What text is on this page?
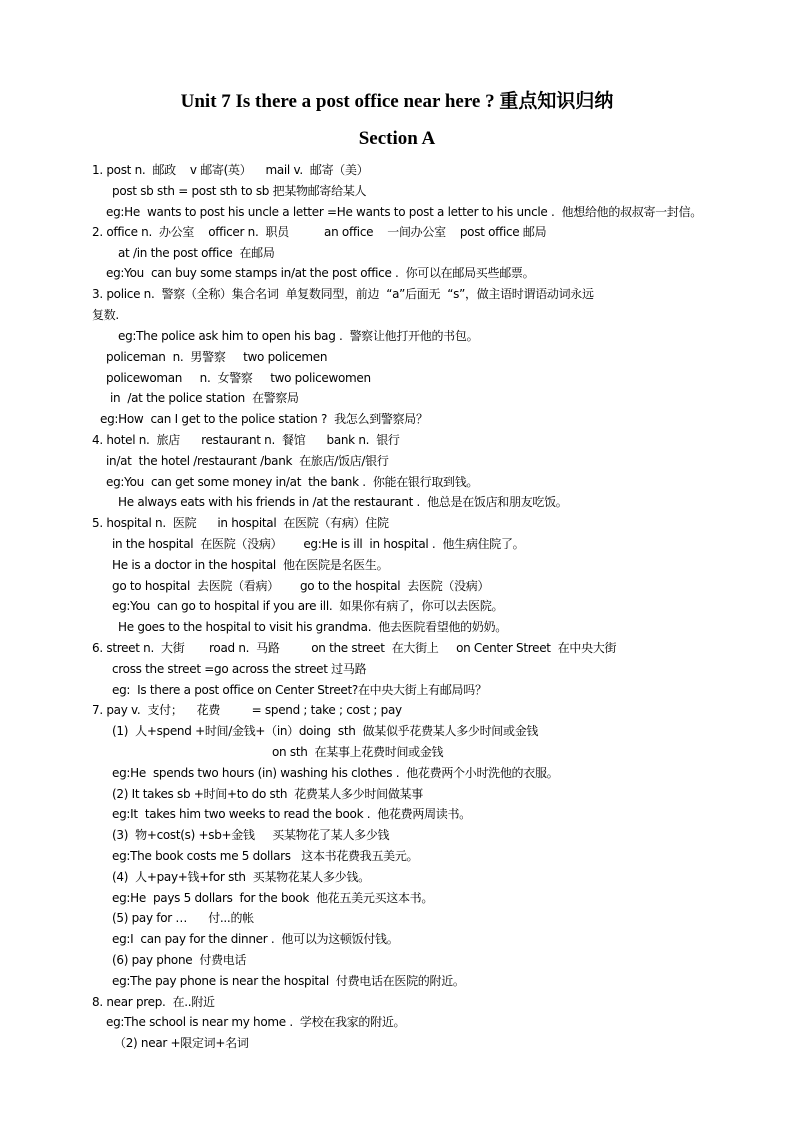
Unit 7 Is there a post office near here ? 重点知识归纳
Section A
1. post n.  邮政    v 邮寄(英）    mail v.  邮寄（美）
post sb sth = post sth to sb 把某物邮寄给某人
eg:He  wants to post his uncle a letter =He wants to post a letter to his uncle .  他想给他的叔叔寄一封信。
2. office n.  办公室    officer n.  职员          an office    一间办公室    post office 邮局
at /in the post office  在邮局
eg:You  can buy some stamps in/at the post office .  你可以在邮局买些邮票。
3. police n.  警察（全称）集合名词  单复数同型，前边  “a”后面无  “s”，做主语时谓语动词永远
复数.
eg:The police ask him to open his bag .  警察让他打开他的书包。
policeman  n.  男警察     two policemen
policewoman     n.  女警察     two policewomen
in  /at the police station  在警察局
eg:How  can I get to the police station ?  我怎么到警察局？
4. hotel n.  旅店      restaurant n.  餐馆      bank n.  银行
in/at  the hotel /restaurant /bank  在旅店/饭店/银行
eg:You  can get some money in/at  the bank .  你能在银行取到钱。
He always eats with his friends in /at the restaurant .  他总是在饭店和朋友吃饭。
5. hospital n.  医院      in hospital  在医院（有病）住院
in the hospital  在医院（没病）      eg:He is ill  in hospital .  他生病住院了。
He is a doctor in the hospital  他在医院是名医生。
go to hospital  去医院（看病）      go to the hospital  去医院（没病）
eg:You  can go to hospital if you are ill.  如果你有病了，你可以去医院。
He goes to the hospital to visit his grandma.  他去医院看望他的奶奶。
6. street n.  大街       road n.  马路         on the street  在大街上     on Center Street  在中央大街
cross the street =go across the street 过马路
eg:  Is there a post office on Center Street?在中央大街上有邮局吗？
7. pay v.  支付；    花费         = spend ; take ; cost ; pay
(1)  人+spend +时间/金钱+（in）doing  sth  做某似乎花费某人多少时间或金钱
on sth  在某事上花费时间或金钱
eg:He  spends two hours (in) washing his clothes .  他花费两个小时洗他的衣服。
(2) It takes sb +时间+to do sth  花费某人多少时间做某事
eg:It  takes him two weeks to read the book .  他花费两周读书。
(3)  物+cost(s) +sb+金钱     买某物花了某人多少钱
eg:The book costs me 5 dollars   这本书花费我五美元。
(4)  人+pay+钱+for sth  买某物花某人多少钱。
eg:He  pays 5 dollars  for the book  他花五美元买这本书。
(5) pay for …      付...的帐
eg:I  can pay for the dinner .  他可以为这顿饭付钱。
(6) pay phone  付费电话
eg:The pay phone is near the hospital  付费电话在医院的附近。
8. near prep.  在..附近
eg:The school is near my home .  学校在我家的附近。
（2) near +限定词+名词
